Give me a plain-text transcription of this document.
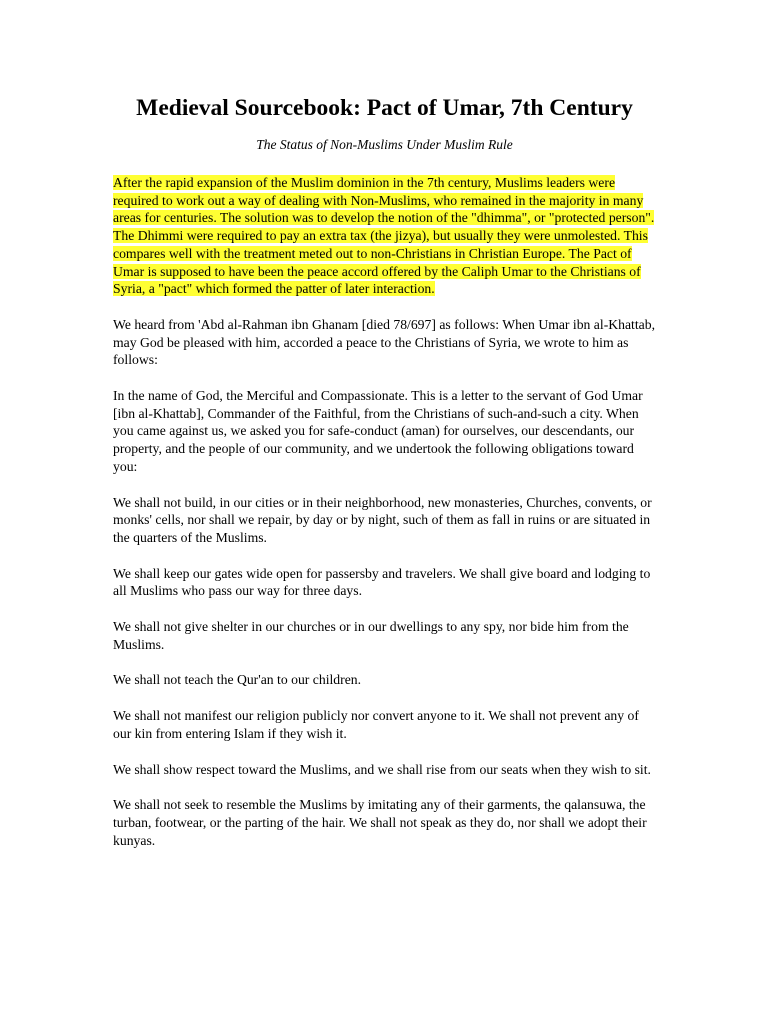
Medieval Sourcebook: Pact of Umar, 7th Century

The Status of Non-Muslims Under Muslim Rule

After the rapid expansion of the Muslim dominion in the 7th century, Muslims leaders were required to work out a way of dealing with Non-Muslims, who remained in the majority in many areas for centuries. The solution was to develop the notion of the "dhimma", or "protected person". The Dhimmi were required to pay an extra tax (the jizya), but usually they were unmolested. This compares well with the treatment meted out to non-Christians in Christian Europe. The Pact of Umar is supposed to have been the peace accord offered by the Caliph Umar to the Christians of Syria, a "pact" which formed the patter of later interaction.

We heard from 'Abd al-Rahman ibn Ghanam [died 78/697] as follows: When Umar ibn al-Khattab, may God be pleased with him, accorded a peace to the Christians of Syria, we wrote to him as follows:

In the name of God, the Merciful and Compassionate. This is a letter to the servant of God Umar [ibn al-Khattab], Commander of the Faithful, from the Christians of such-and-such a city. When you came against us, we asked you for safe-conduct (aman) for ourselves, our descendants, our property, and the people of our community, and we undertook the following obligations toward you:

We shall not build, in our cities or in their neighborhood, new monasteries, Churches, convents, or monks' cells, nor shall we repair, by day or by night, such of them as fall in ruins or are situated in the quarters of the Muslims.

We shall keep our gates wide open for passersby and travelers. We shall give board and lodging to all Muslims who pass our way for three days.

We shall not give shelter in our churches or in our dwellings to any spy, nor bide him from the Muslims.

We shall not teach the Qur'an to our children.

We shall not manifest our religion publicly nor convert anyone to it. We shall not prevent any of our kin from entering Islam if they wish it.

We shall show respect toward the Muslims, and we shall rise from our seats when they wish to sit.

We shall not seek to resemble the Muslims by imitating any of their garments, the qalansuwa, the turban, footwear, or the parting of the hair. We shall not speak as they do, nor shall we adopt their kunyas.
